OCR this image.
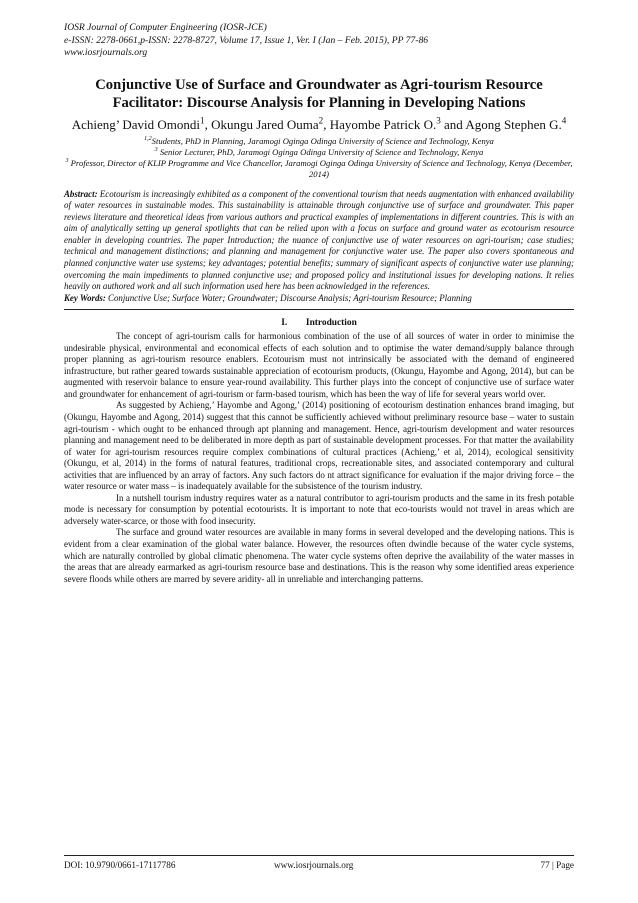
IOSR Journal of Computer Engineering (IOSR-JCE)

e-ISSN: 2278-0661,p-ISSN: 2278-8727, Volume 17, Issue 1, Ver. I (Jan – Feb. 2015), PP 77-86

www.iosrjournals.org

Conjunctive Use of Surface and Groundwater as Agri-tourism Resource Facilitator: Discourse Analysis for Planning in Developing Nations

Achieng’ David Omondi$^1$, Okungu Jared Ouma$^2$, Hayombe Patrick O.$^3$ and Agong Stephen G.$^4$

$^{1,2}$Students, PhD in Planning, Jaramogi Oginga Odinga University of Science and Technology, Kenya

$^3$ Senior Lecturer, PhD, Jaramogi Oginga Odinga University of Science and Technology, Kenya

$^3$ Professor, Director of KLIP Programme and Vice Chancellor, Jaramogi Oginga Odinga University of Science and Technology, Kenya (December, 2014)

Abstract: Ecotourism is increasingly exhibited as a component of the conventional tourism that needs augmentation with enhanced availability of water resources in sustainable modes. This sustainability is attainable through conjunctive use of surface and groundwater. This paper reviews literature and theoretical ideas from various authors and practical examples of implementations in different countries. This is with an aim of analytically setting up general spotlights that can be relied upon with a focus on surface and ground water as ecotourism resource enabler in developing countries. The paper Introduction; the nuance of conjunctive use of water resources on agri-tourism; case studies; technical and management distinctions; and planning and management for conjunctive water use. The paper also covers spontaneous and planned conjunctive water use systems; key advantages; potential benefits; summary of significant aspects of conjunctive water use planning; overcoming the main impediments to planned conjunctive use; and proposed policy and institutional issues for developing nations. It relies heavily on authored work and all such information used here has been acknowledged in the references.

Key Words: Conjunctive Use; Surface Water; Groundwater; Discourse Analysis; Agri-tourism Resource; Planning

I.        Introduction

The concept of agri-tourism calls for harmonious combination of the use of all sources of water in order to minimise the undesirable physical, environmental and economical effects of each solution and to optimise the water demand/supply balance through proper planning as agri-tourism resource enablers. Ecotourism must not intrinsically be associated with the demand of engineered infrastructure, but rather geared towards sustainable appreciation of ecotourism products, (Okungu, Hayombe and Agong, 2014), but can be augmented with reservoir balance to ensure year-round availability. This further plays into the concept of conjunctive use of surface water and groundwater for enhancement of agri-tourism or farm-based tourism, which has been the way of life for several years world over.

As suggested by Achieng,’ Hayombe and Agong,’ (2014) positioning of ecotourism destination enhances brand imaging, but (Okungu, Hayombe and Agong, 2014) suggest that this cannot be sufficiently achieved without preliminary resource base – water to sustain agri-tourism - which ought to be enhanced through apt planning and management. Hence, agri-tourism development and water resources planning and management need to be deliberated in more depth as part of sustainable development processes. For that matter the availability of water for agri-tourism resources require complex combinations of cultural practices (Achieng,’ et al, 2014), ecological sensitivity (Okungu, et al, 2014) in the forms of natural features, traditional crops, recreationable sites, and associated contemporary and cultural activities that are influenced by an array of factors. Any such factors do nt attract significance for evaluation if the major driving force – the water resource or water mass – is inadequately available for the subsistence of the tourism industry.

In a nutshell tourism industry requires water as a natural contributor to agri-tourism products and the same in its fresh potable mode is necessary for consumption by potential ecotourists. It is important to note that eco-tourists would not travel in areas which are adversely water-scarce, or those with food insecurity.

The surface and ground water resources are available in many forms in several developed and the developing nations. This is evident from a clear examination of the global water balance. However, the resources often dwindle because of the water cycle systems, which are naturally controlled by global climatic phenomena. The water cycle systems often deprive the availability of the water masses in the areas that are already earmarked as agri-tourism resource base and destinations. This is the reason why some identified areas experience severe floods while others are marred by severe aridity- all in unreliable and interchanging patterns.

DOI: 10.9790/0661-17117786	www.iosrjournals.org	77 | Page
